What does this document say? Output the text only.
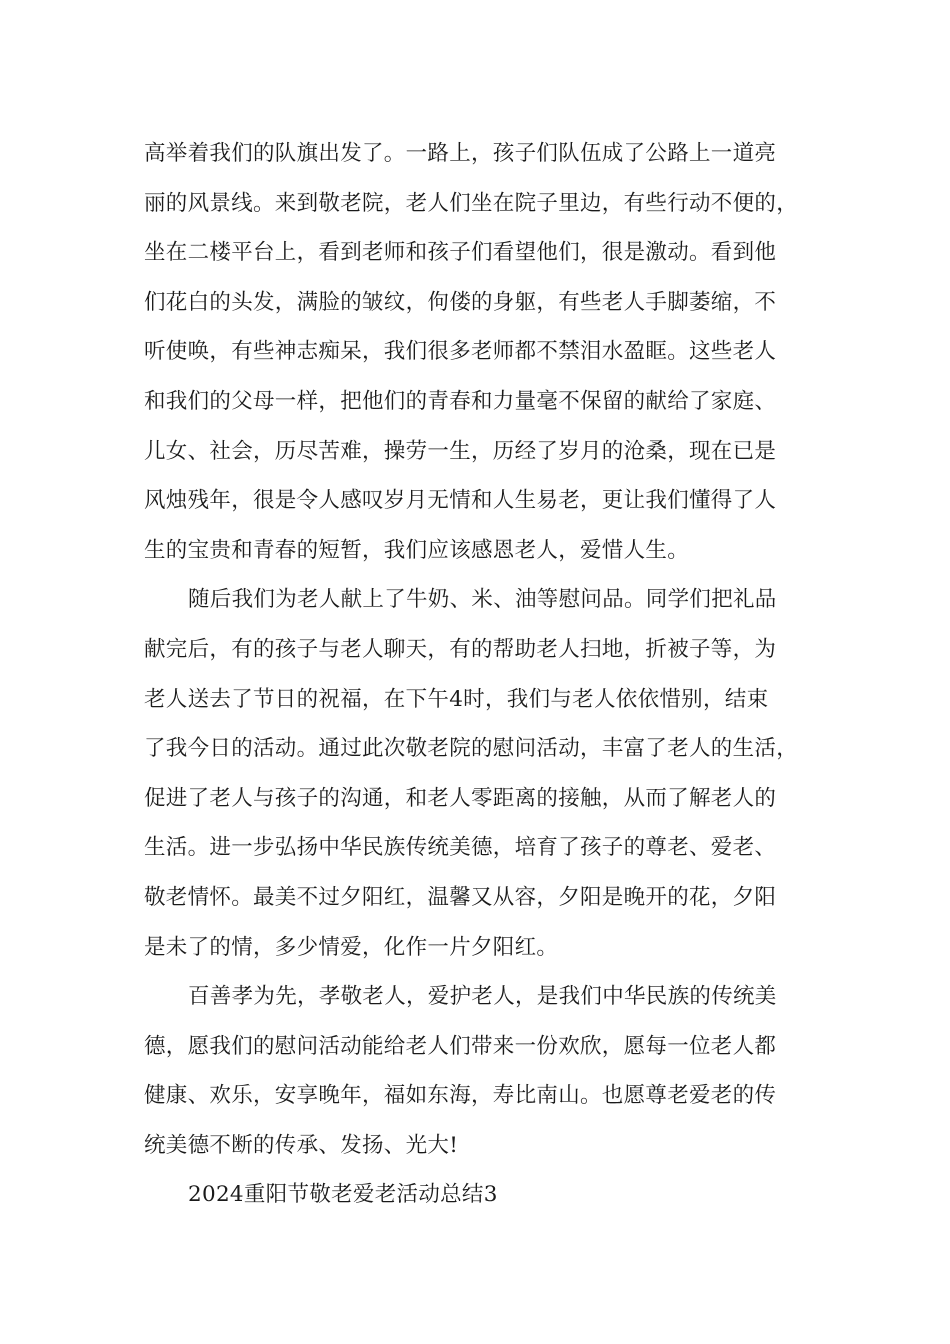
高举着我们的队旗出发了。一路上，孩子们队伍成了公路上一道亮
丽的风景线。来到敬老院，老人们坐在院子里边，有些行动不便的，
坐在二楼平台上，看到老师和孩子们看望他们，很是激动。看到他
们花白的头发，满脸的皱纹，佝偻的身躯，有些老人手脚萎缩，不
听使唤，有些神志痴呆，我们很多老师都不禁泪水盈眶。这些老人
和我们的父母一样，把他们的青春和力量毫不保留的献给了家庭、
儿女、社会，历尽苦难，操劳一生，历经了岁月的沧桑，现在已是
风烛残年，很是令人感叹岁月无情和人生易老，更让我们懂得了人
生的宝贵和青春的短暂，我们应该感恩老人，爱惜人生。
随后我们为老人献上了牛奶、米、油等慰问品。同学们把礼品
献完后，有的孩子与老人聊天，有的帮助老人扫地，折被子等，为
老人送去了节日的祝福，在下午4时，我们与老人依依惜别，结束
了我今日的活动。通过此次敬老院的慰问活动，丰富了老人的生活，
促进了老人与孩子的沟通，和老人零距离的接触，从而了解老人的
生活。进一步弘扬中华民族传统美德，培育了孩子的尊老、爱老、
敬老情怀。最美不过夕阳红，温馨又从容，夕阳是晚开的花，夕阳
是未了的情，多少情爱，化作一片夕阳红。
百善孝为先，孝敬老人，爱护老人，是我们中华民族的传统美
德，愿我们的慰问活动能给老人们带来一份欢欣，愿每一位老人都
健康、欢乐，安享晚年，福如东海，寿比南山。也愿尊老爱老的传
统美德不断的传承、发扬、光大!
2024重阳节敬老爱老活动总结3
